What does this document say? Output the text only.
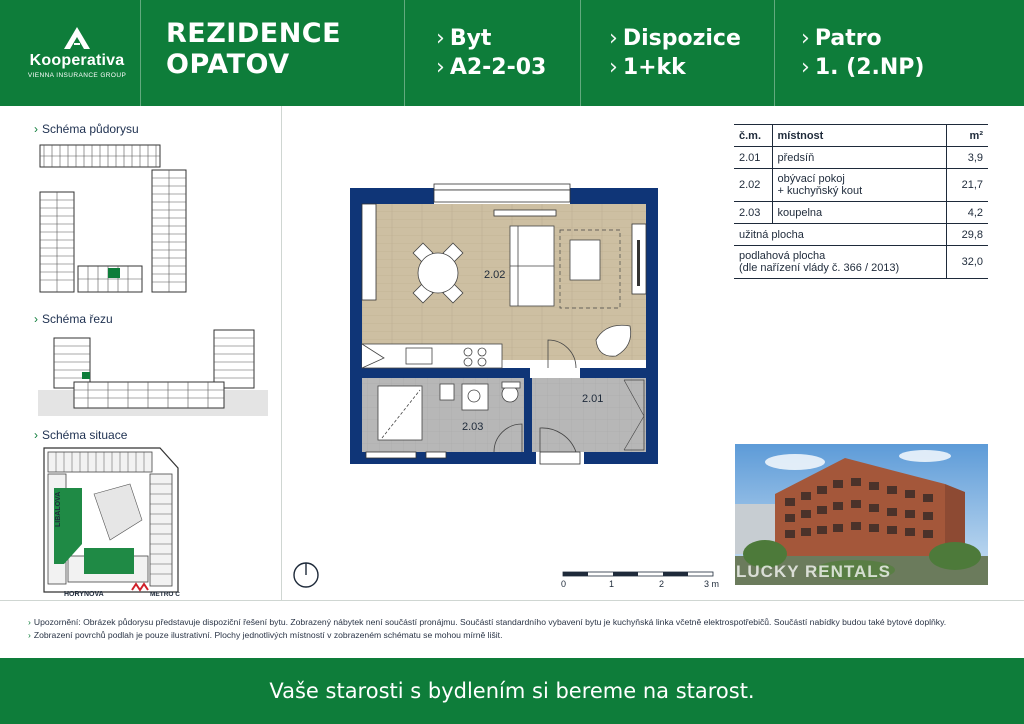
Kooperativa
VIENNA INSURANCE GROUP
REZIDENCE
OPATOV
› Byt
› A2-2-03
› Dispozice
› 1+kk
› Patro
› 1. (2.NP)
› Schéma půdorysu
› Schéma řezu
› Schéma situace
LIBALOVA
HORYNOVA	METRO C
2.02
2.01
2.03
0	1	2	3 m
č.m.	místnost	m²
2.01	předsíň	3,9
2.02	obývací pokoj
+ kuchyňský kout	21,7
2.03	koupelna	4,2
užitná plocha		29,8

podlahová plocha
(dle nařízení vlády č. 366 / 2013)		32,0
LUCKY RENTALS
› Upozornění: Obrázek půdorysu představuje dispoziční řešení bytu. Zobrazený nábytek není součástí pronájmu. Součástí standardního vybavení bytu je kuchyňská linka včetně elektrospotřebičů. Součástí nabídky budou také bytové doplňky.
› Zobrazení povrchů podlah je pouze ilustrativní. Plochy jednotlivých místností v zobrazeném schématu se mohou mírně lišit.
Vaše starosti s bydlením si bereme na starost.
